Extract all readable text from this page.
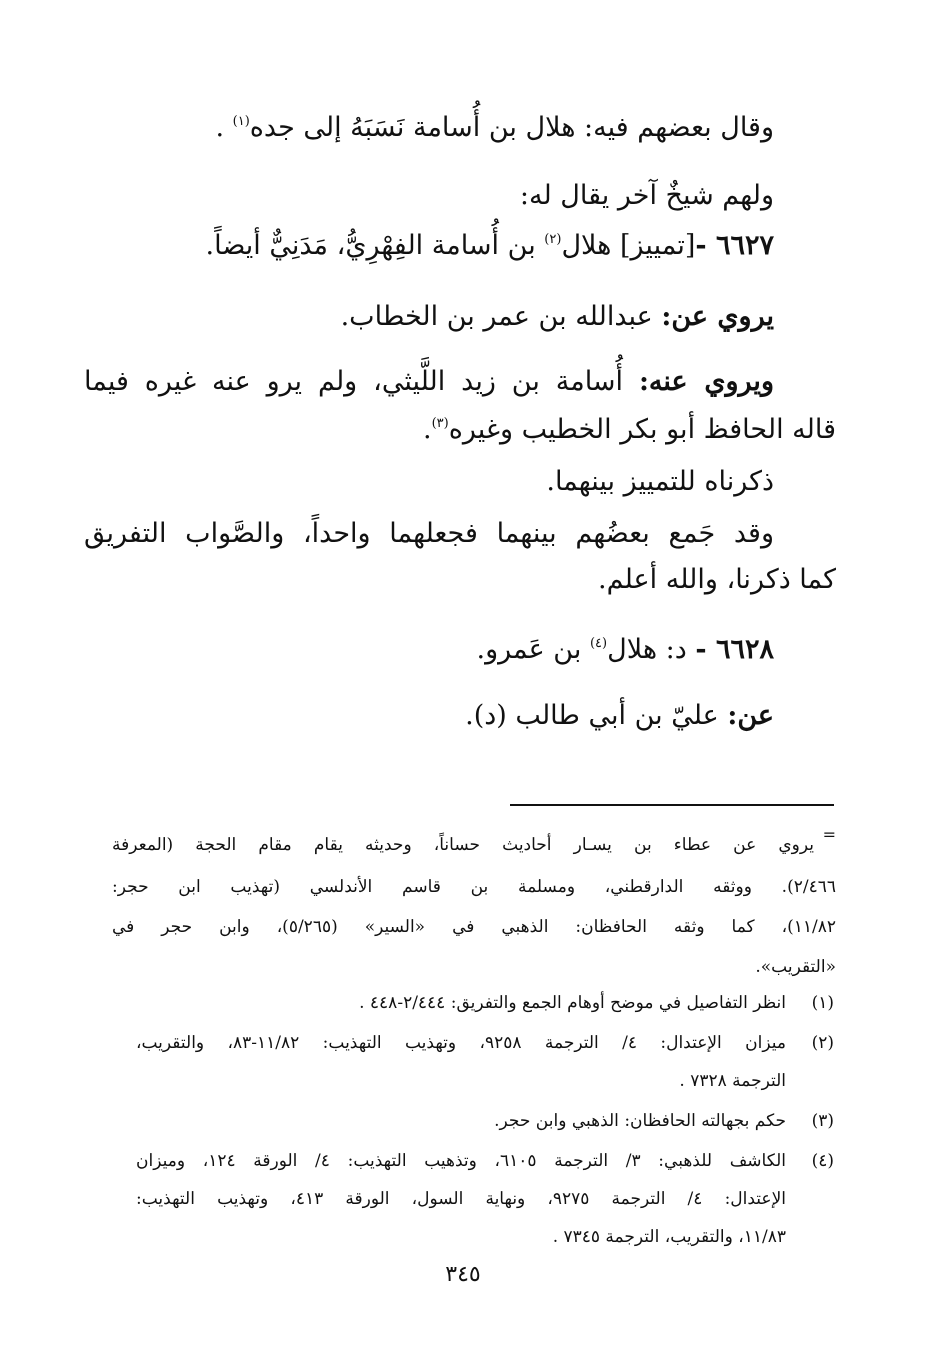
وقال بعضهم فيه: هلال بن أُسامة نَسَبَهُ إلى جده$^{(١)}$ .
ولهم شيخٌ آخر يقال له:
٦٦٢٧ -[تمييز] هلال$^{(٢)}$ بن أُسامة الفِهْرِيُّ، مَدَنِيٌّ أيضاً.
يروي عن: عبدالله بن عمر بن الخطاب.
ويروي عنه: أُسامة بن زيد اللَّيثي، ولم يرو عنه غيره فيما
قاله الحافظ أبو بكر الخطيب وغيره$^{(٣)}$.
ذكرناه للتمييز بينهما.
وقد جَمع بعضُهم بينهما فجعلهما واحداً، والصَّواب التفريق
كما ذكرنا، والله أعلم.
٦٦٢٨ - د: هلال$^{(٤)}$ بن عَمرو.
عن: عليّ بن أبي طالب (د).
=
يروي عن عطاء بن يسـار أحاديث حساناً، وحديثه يقام مقام الحجة (المعرفة
٢/٤٦٦). ووثقه الدارقطني، ومسلمة بن قاسم الأندلسي (تهذيب ابن حجر:
١١/٨٢)، كما وثقه الحافظان: الذهبي في «السير» (٥/٢٦٥)، وابن حجر في
«التقريب».
(١)
انظر التفاصيل في موضح أوهام الجمع والتفريق: ٢/٤٤٤-٤٤٨ .
(٢)
ميزان الإعتدال: ٤/ الترجمة ٩٢٥٨، وتهذيب التهذيب: ١١/٨٢-٨٣، والتقريب،
الترجمة ٧٣٢٨ .
(٣)
حكم بجهالته الحافظان: الذهبي وابن حجر.
(٤)
الكاشف للذهبي: ٣/ الترجمة ٦١٠٥، وتذهيب التهذيب: ٤/ الورقة ١٢٤، وميزان
الإعتدال: ٤/ الترجمة ٩٢٧٥، ونهاية السول، الورقة ٤١٣، وتهذيب التهذيب:
١١/٨٣، والتقريب، الترجمة ٧٣٤٥ .
٣٤٥
